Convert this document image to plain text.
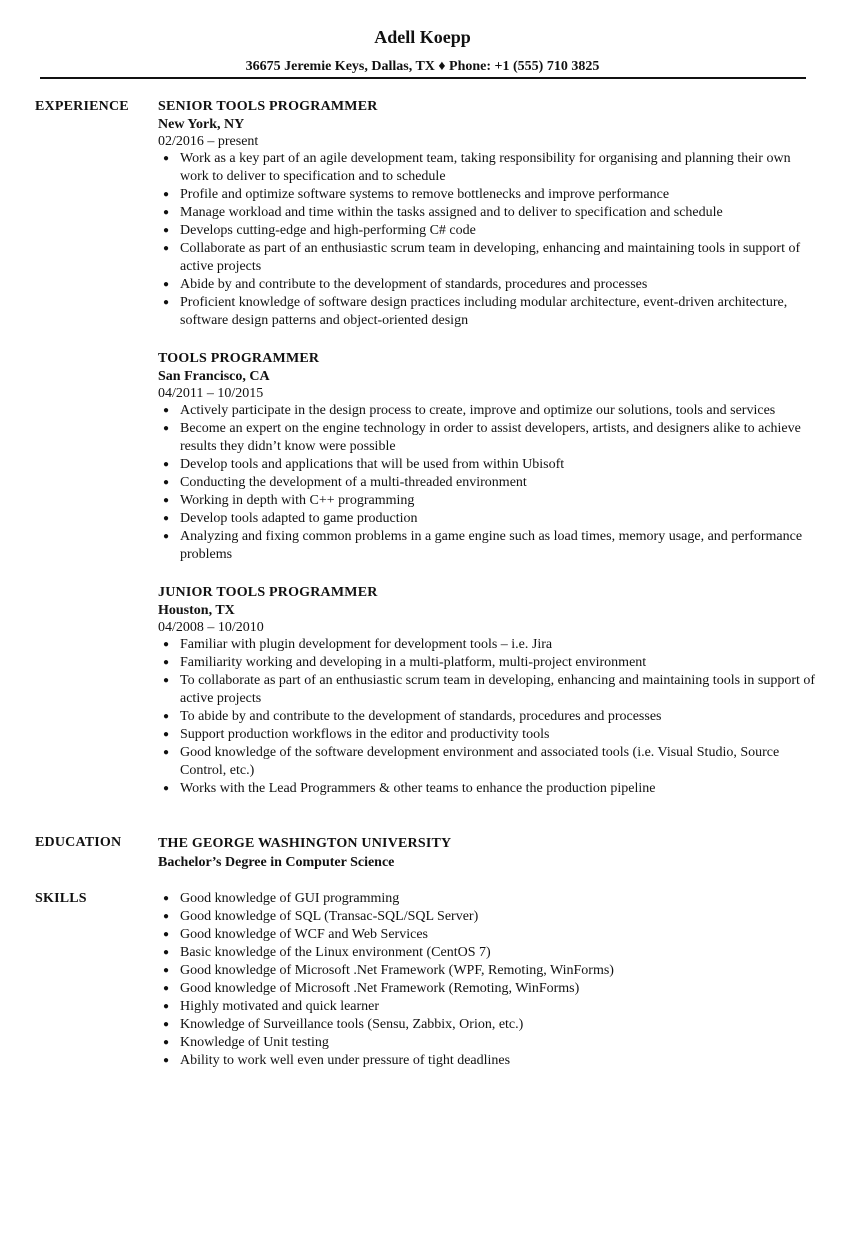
Adell Koepp
36675 Jeremie Keys, Dallas, TX ♦ Phone: +1 (555) 710 3825
EXPERIENCE	SENIOR TOOLS PROGRAMMER
New York, NY
02/2016 – present
● Work as a key part of an agile development team, taking responsibility for organising and planning their own work to deliver to specification and to schedule
● Profile and optimize software systems to remove bottlenecks and improve performance
● Manage workload and time within the tasks assigned and to deliver to specification and schedule
● Develops cutting-edge and high-performing C# code
● Collaborate as part of an enthusiastic scrum team in developing, enhancing and maintaining tools in support of active projects
● Abide by and contribute to the development of standards, procedures and processes
● Proficient knowledge of software design practices including modular architecture, event-driven architecture, software design patterns and object-oriented design
TOOLS PROGRAMMER
San Francisco, CA
04/2011 – 10/2015
● Actively participate in the design process to create, improve and optimize our solutions, tools and services
● Become an expert on the engine technology in order to assist developers, artists, and designers alike to achieve results they didn’t know were possible
● Develop tools and applications that will be used from within Ubisoft
● Conducting the development of a multi-threaded environment
● Working in depth with C++ programming
● Develop tools adapted to game production
● Analyzing and fixing common problems in a game engine such as load times, memory usage, and performance problems
JUNIOR TOOLS PROGRAMMER
Houston, TX
04/2008 – 10/2010
● Familiar with plugin development for development tools – i.e. Jira
● Familiarity working and developing in a multi-platform, multi-project environment
● To collaborate as part of an enthusiastic scrum team in developing, enhancing and maintaining tools in support of active projects
● To abide by and contribute to the development of standards, procedures and processes
● Support production workflows in the editor and productivity tools
● Good knowledge of the software development environment and associated tools (i.e. Visual Studio, Source Control, etc.)
● Works with the Lead Programmers & other teams to enhance the production pipeline
EDUCATION	THE GEORGE WASHINGTON UNIVERSITY
Bachelor’s Degree in Computer Science
SKILLS	● Good knowledge of GUI programming
● Good knowledge of SQL (Transac-SQL/SQL Server)
● Good knowledge of WCF and Web Services
● Basic knowledge of the Linux environment (CentOS 7)
● Good knowledge of Microsoft .Net Framework (WPF, Remoting, WinForms)
● Good knowledge of Microsoft .Net Framework (Remoting, WinForms)
● Highly motivated and quick learner
● Knowledge of Surveillance tools (Sensu, Zabbix, Orion, etc.)
● Knowledge of Unit testing
● Ability to work well even under pressure of tight deadlines
